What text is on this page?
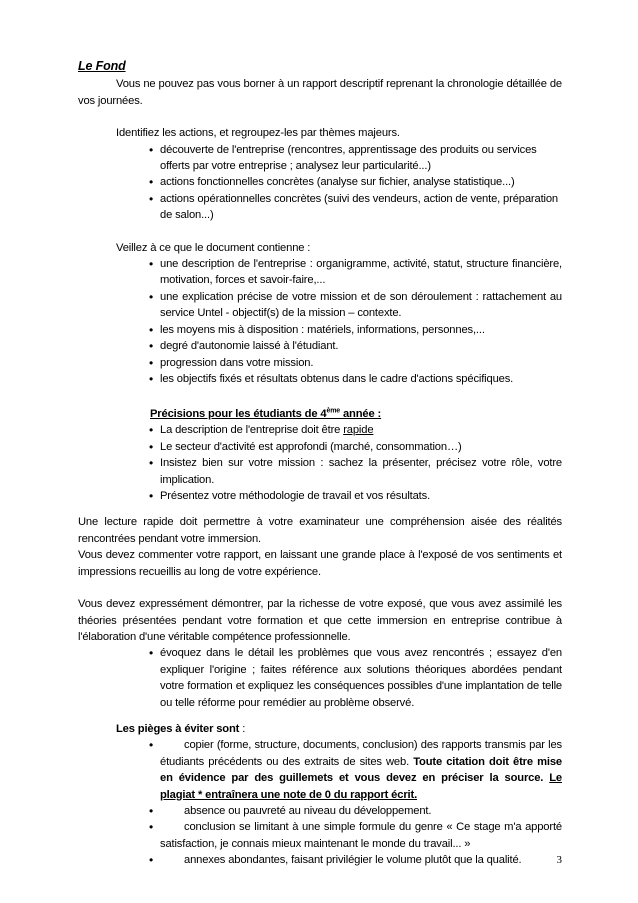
Le Fond

Vous ne pouvez pas vous borner à un rapport descriptif reprenant la chronologie détaillée de vos journées.

Identifiez les actions, et regroupez-les par thèmes majeurs.
• découverte de l'entreprise (rencontres, apprentissage des produits ou services offerts par votre entreprise ; analysez leur particularité...)
• actions fonctionnelles concrètes (analyse sur fichier, analyse statistique...)
• actions opérationnelles concrètes (suivi des vendeurs, action de vente, préparation de salon...)
Veillez à ce que le document contienne :
• une description de l'entreprise : organigramme, activité, statut, structure financière, motivation, forces et savoir-faire,...
• une explication précise de votre mission et de son déroulement : rattachement au service Untel - objectif(s) de la mission – contexte.
• les moyens mis à disposition : matériels, informations, personnes,...
• degré d'autonomie laissé à l'étudiant.
• progression dans votre mission.
• les objectifs fixés et résultats obtenus dans le cadre d'actions spécifiques.
Précisions pour les étudiants de 4ème année :
• La description de l'entreprise doit être rapide
• Le secteur d'activité est approfondi (marché, consommation…)
• Insistez bien sur votre mission : sachez la présenter, précisez votre rôle, votre implication.
• Présentez votre méthodologie de travail et vos résultats.

Une lecture rapide doit permettre à votre examinateur une compréhension aisée des réalités rencontrées pendant votre immersion.

Vous devez commenter votre rapport, en laissant une grande place à l'exposé de vos sentiments et impressions recueillis au long de votre expérience.

Vous devez expressément démontrer, par la richesse de votre exposé, que vous avez assimilé les théories présentées pendant votre formation et que cette immersion en entreprise contribue à l'élaboration d'une véritable compétence professionnelle.

• évoquez dans le détail les problèmes que vous avez rencontrés ; essayez d'en expliquer l'origine ; faites référence aux solutions théoriques abordées pendant votre formation et expliquez les conséquences possibles d'une implantation de telle ou telle réforme pour remédier au problème observé.
Les pièges à éviter sont :
•	copier (forme, structure, documents, conclusion) des rapports transmis par les étudiants précédents ou des extraits de sites web. Toute citation doit être mise en évidence par des guillemets et vous devez en préciser la source. Le plagiat * entraînera une note de 0 du rapport écrit.
•	absence ou pauvreté au niveau du développement.
•	conclusion se limitant à une simple formule du genre « Ce stage m'a apporté satisfaction, je connais mieux maintenant le monde du travail... »
•	annexes abondantes, faisant privilégier le volume plutôt que la qualité.	3
